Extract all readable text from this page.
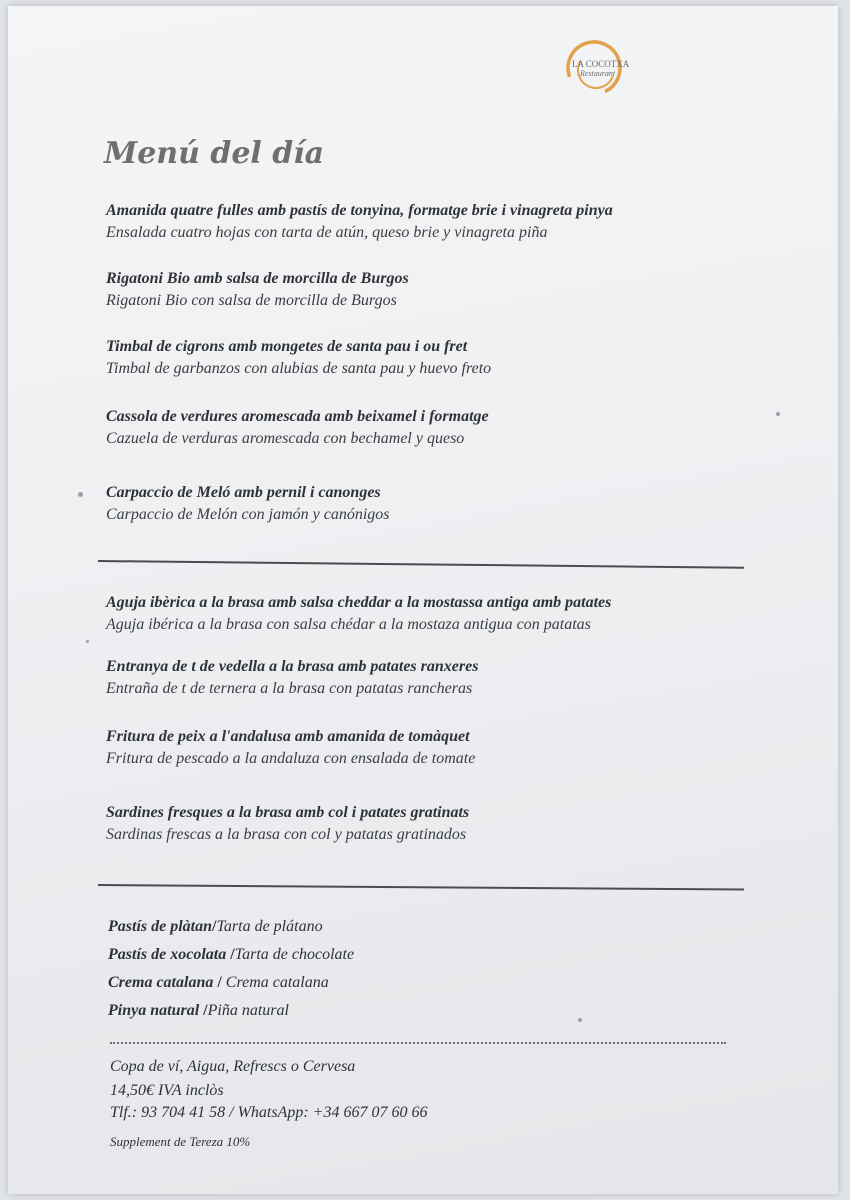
LA COCOTXA
Restaurant
Menú del día
Amanida quatre fulles amb pastís de tonyina, formatge brie i vinagreta pinya
Ensalada cuatro hojas con tarta de atún, queso brie y vinagreta piña
Rigatoni Bio amb salsa de morcilla de Burgos
Rigatoni Bio con salsa de morcilla de Burgos
Timbal de cigrons amb mongetes de santa pau i ou fret
Timbal de garbanzos con alubias de santa pau y huevo freto
Cassola de verdures aromescada amb beixamel i formatge
Cazuela de verduras aromescada con bechamel y queso
Carpaccio de Meló amb pernil i canonges
Carpaccio de Melón con jamón y canónigos
Aguja ibèrica a la brasa amb salsa cheddar a la mostassa antiga amb patates
Aguja ibérica a la brasa con salsa chédar a la mostaza antigua con patatas
Entranya de t de vedella a la brasa amb patates ranxeres
Entraña de t de ternera a la brasa con patatas rancheras
Fritura de peix a l'andalusa amb amanida de tomàquet
Fritura de pescado a la andaluza con ensalada de tomate
Sardines fresques a la brasa amb col i patates gratinats
Sardinas frescas a la brasa con col y patatas gratinados
Pastís de plàtan/Tarta de plátano
Pastís de xocolata /Tarta de chocolate
Crema catalana / Crema catalana
Pinya natural /Piña natural
Copa de ví, Aigua, Refrescs o Cervesa
14,50€ IVA inclòs
Tlf.: 93 704 41 58 / WhatsApp: +34 667 07 60 66
Supplement de Tereza 10%
